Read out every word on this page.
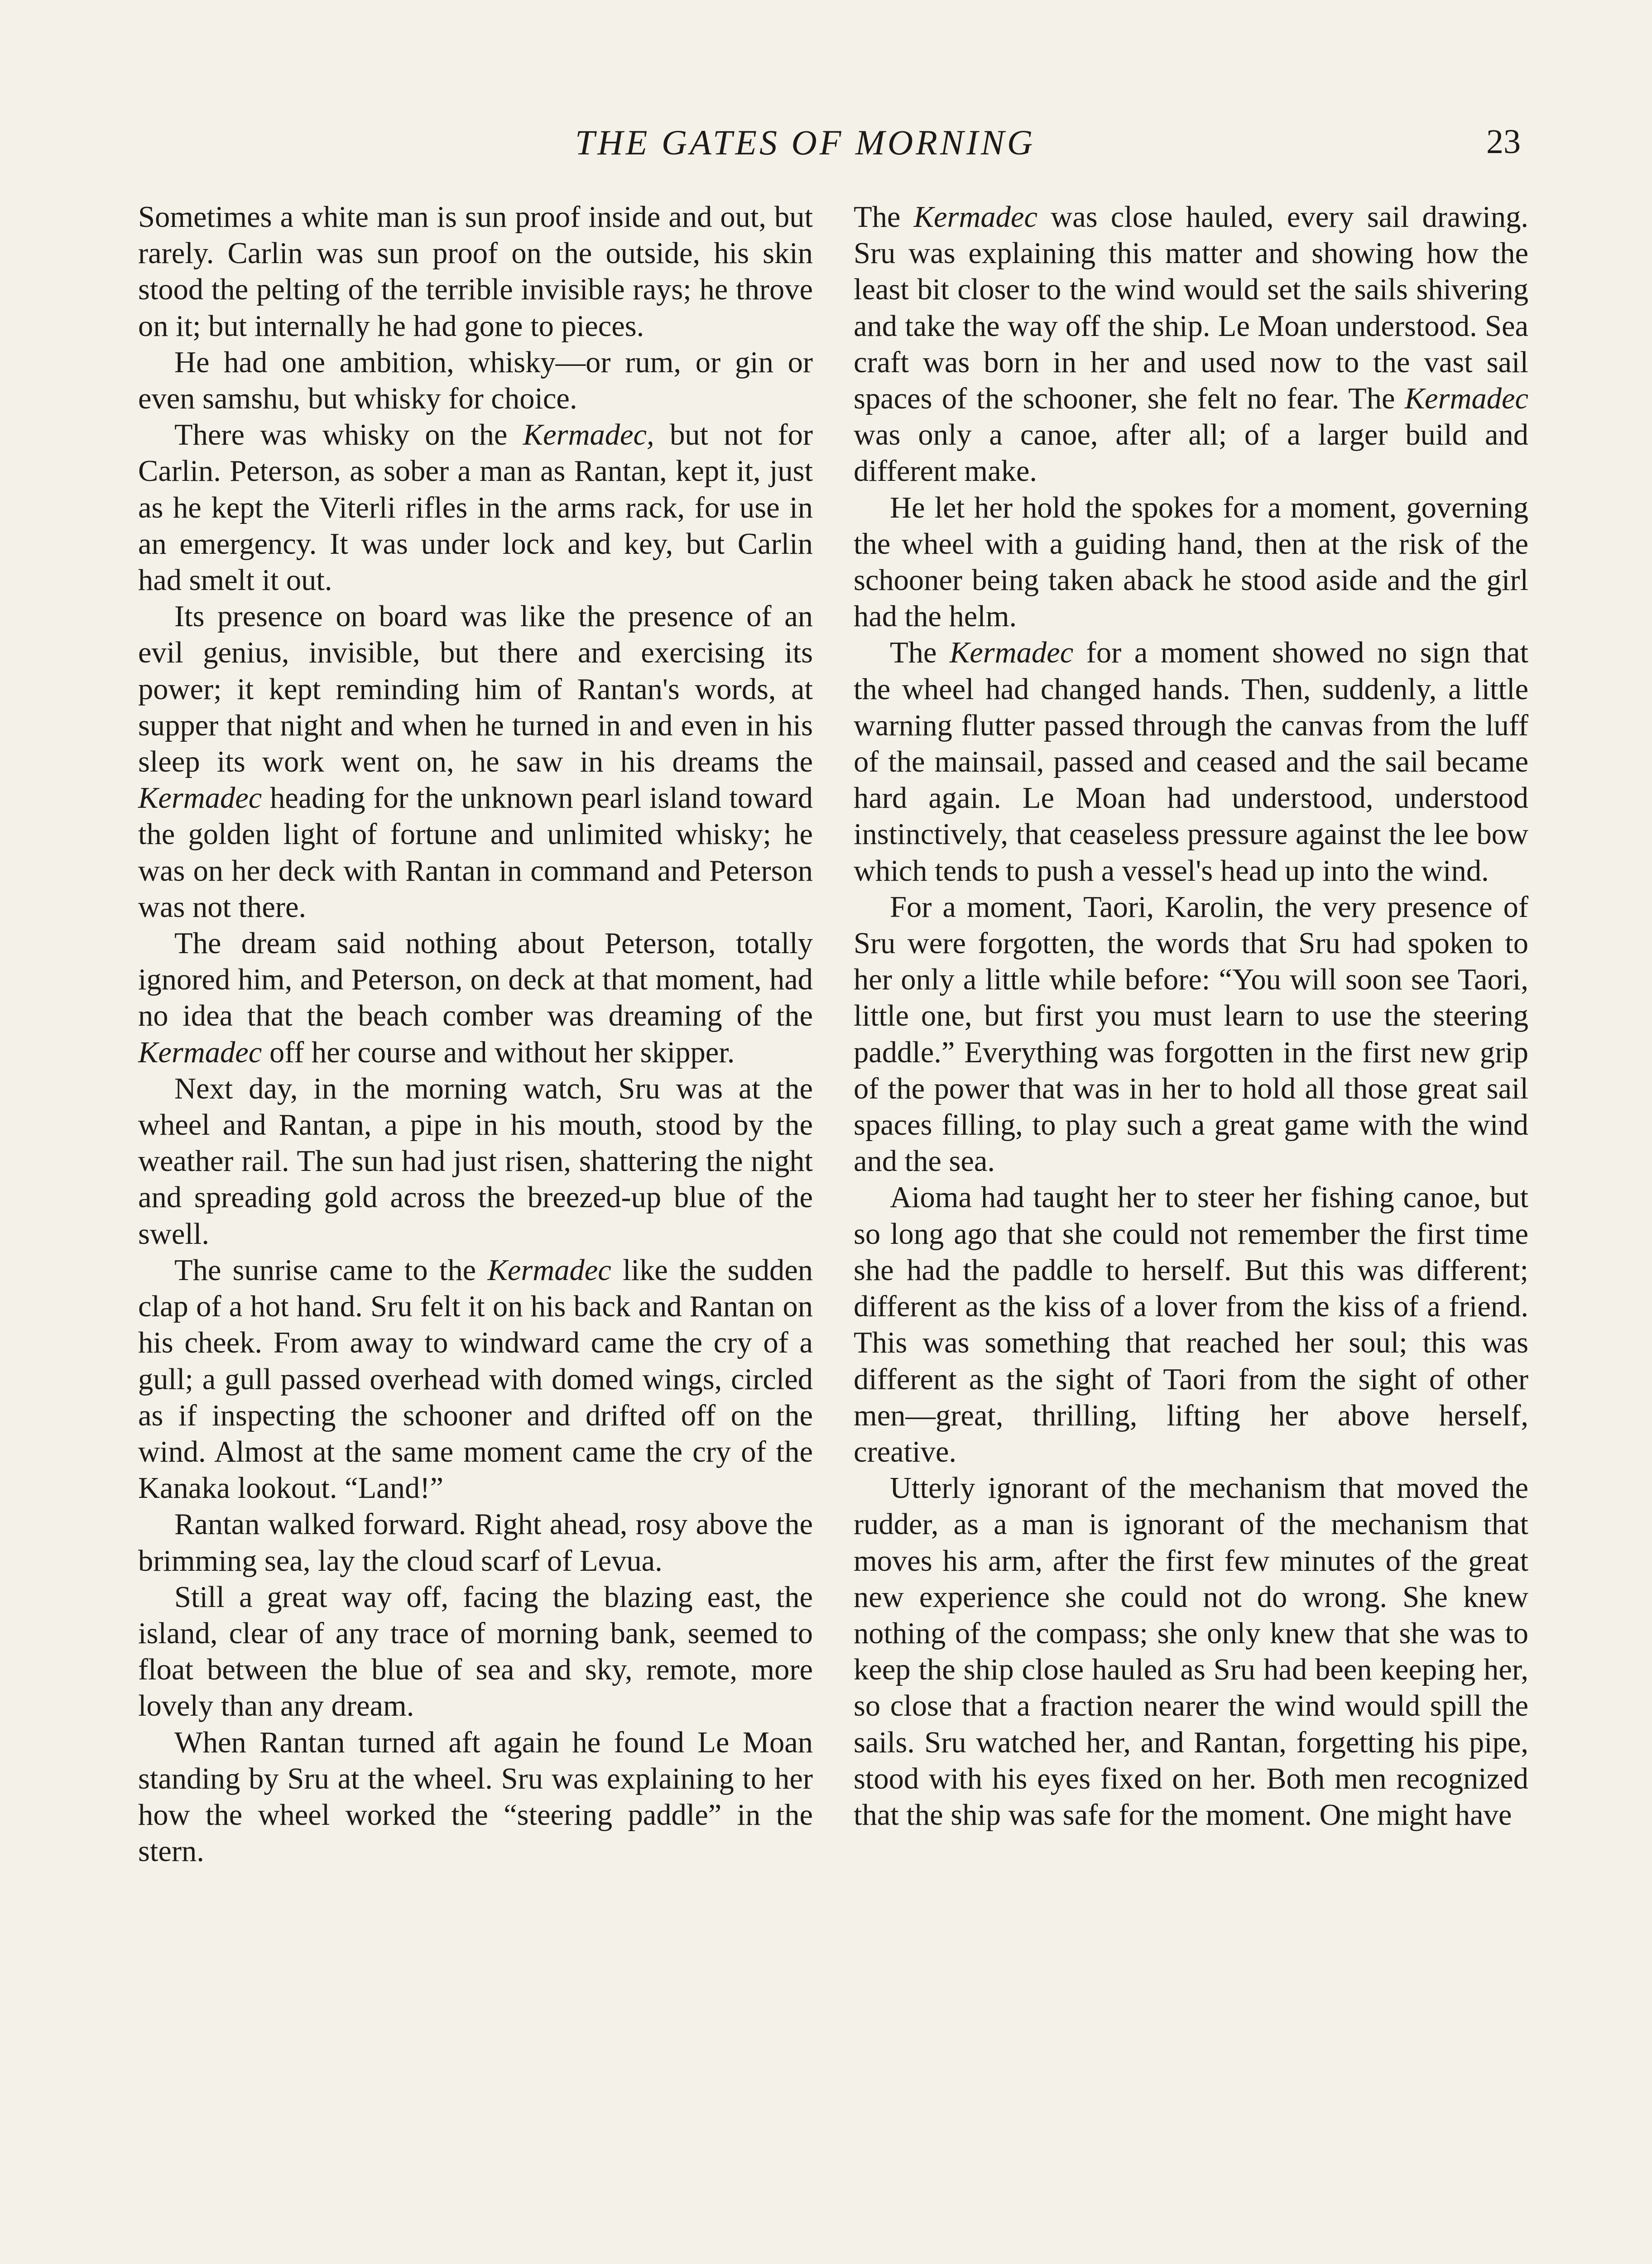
THE GATES OF MORNING	23

Sometimes a white man is sun proof inside and out, but rarely. Carlin was sun proof on the outside, his skin stood the pelting of the terrible invisible rays; he throve on it; but internally he had gone to pieces.

He had one ambition, whisky—or rum, or gin or even samshu, but whisky for choice.

There was whisky on the Kermadec, but not for Carlin. Peterson, as sober a man as Rantan, kept it, just as he kept the Viterli rifles in the arms rack, for use in an emergency. It was under lock and key, but Carlin had smelt it out.

Its presence on board was like the presence of an evil genius, invisible, but there and exercising its power; it kept reminding him of Rantan's words, at supper that night and when he turned in and even in his sleep its work went on, he saw in his dreams the Kermadec heading for the unknown pearl island toward the golden light of fortune and unlimited whisky; he was on her deck with Rantan in command and Peterson was not there.

The dream said nothing about Peterson, totally ignored him, and Peterson, on deck at that moment, had no idea that the beach comber was dreaming of the Kermadec off her course and without her skipper.

Next day, in the morning watch, Sru was at the wheel and Rantan, a pipe in his mouth, stood by the weather rail. The sun had just risen, shattering the night and spreading gold across the breezed-up blue of the swell.

The sunrise came to the Kermadec like the sudden clap of a hot hand. Sru felt it on his back and Rantan on his cheek. From away to windward came the cry of a gull; a gull passed overhead with domed wings, circled as if inspecting the schooner and drifted off on the wind. Almost at the same moment came the cry of the Kanaka lookout. “Land!”

Rantan walked forward. Right ahead, rosy above the brimming sea, lay the cloud scarf of Levua.

Still a great way off, facing the blazing east, the island, clear of any trace of morning bank, seemed to float between the blue of sea and sky, remote, more lovely than any dream.

When Rantan turned aft again he found Le Moan standing by Sru at the wheel. Sru was explaining to her how the wheel worked the “steering paddle” in the stern.

The Kermadec was close hauled, every sail drawing. Sru was explaining this matter and showing how the least bit closer to the wind would set the sails shivering and take the way off the ship. Le Moan understood. Sea craft was born in her and used now to the vast sail spaces of the schooner, she felt no fear. The Kermadec was only a canoe, after all; of a larger build and different make.

He let her hold the spokes for a moment, governing the wheel with a guiding hand, then at the risk of the schooner being taken aback he stood aside and the girl had the helm.

The Kermadec for a moment showed no sign that the wheel had changed hands. Then, suddenly, a little warning flutter passed through the canvas from the luff of the mainsail, passed and ceased and the sail became hard again. Le Moan had understood, understood instinctively, that ceaseless pressure against the lee bow which tends to push a vessel's head up into the wind.

For a moment, Taori, Karolin, the very presence of Sru were forgotten, the words that Sru had spoken to her only a little while before: “You will soon see Taori, little one, but first you must learn to use the steering paddle.” Everything was forgotten in the first new grip of the power that was in her to hold all those great sail spaces filling, to play such a great game with the wind and the sea.

Aioma had taught her to steer her fishing canoe, but so long ago that she could not remember the first time she had the paddle to herself. But this was different; different as the kiss of a lover from the kiss of a friend. This was something that reached her soul; this was different as the sight of Taori from the sight of other men—great, thrilling, lifting her above herself, creative.

Utterly ignorant of the mechanism that moved the rudder, as a man is ignorant of the mechanism that moves his arm, after the first few minutes of the great new experience she could not do wrong. She knew nothing of the compass; she only knew that she was to keep the ship close hauled as Sru had been keeping her, so close that a fraction nearer the wind would spill the sails. Sru watched her, and Rantan, forgetting his pipe, stood with his eyes fixed on her. Both men recognized that the ship was safe for the moment. One might have
